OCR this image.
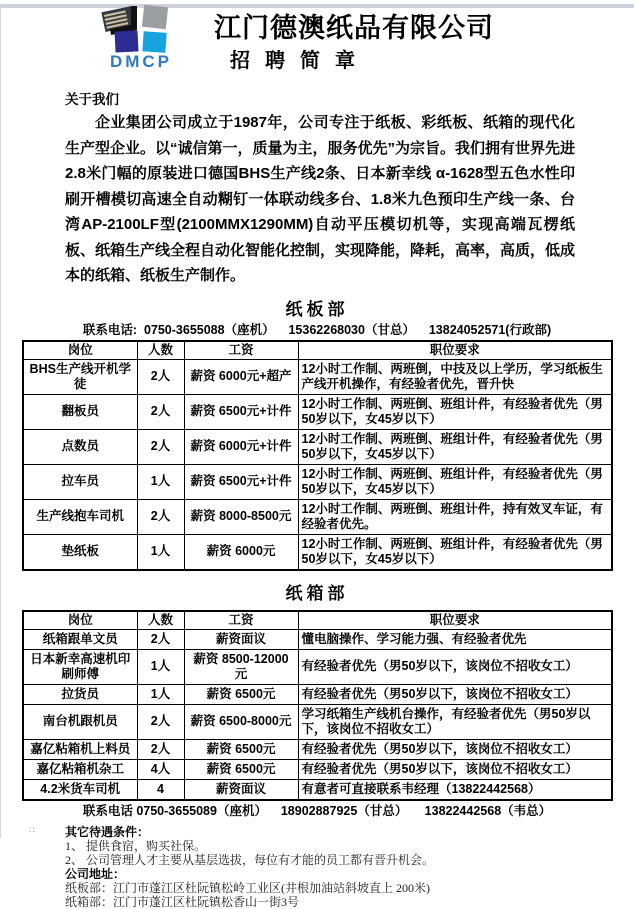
DMCP
江门德澳纸品有限公司
招聘简章
关于我们

企业集团公司成立于1987年，公司专注于纸板、彩纸板、纸箱的现代化生产型企业。以“诚信第一，质量为主，服务优先”为宗旨。我们拥有世界先进2.8米门幅的原装进口德国BHS生产线2条、日本新幸线 α-1628型五色水性印刷开槽模切高速全自动糊钉一体联动线多台、1.8米九色预印生产线一条、台湾AP-2100LF型(2100MMX1290MM)自动平压模切机等，实现高端瓦楞纸板、纸箱生产线全程自动化智能化控制，实现降能，降耗，高率，高质，低成本的纸箱、纸板生产制作。

纸板部
联系电话:  0750-3655088（座机）    15362268030（甘总）    13824052571(行政部)
岗位	人数	工资	职位要求
BHS生产线开机学徒	2人	薪资 6000元+超产	12小时工作制、两班倒，中技及以上学历，学习纸板生产线开机操作，有经验者优先，晋升快
翻板员	2人	薪资 6500元+计件	12小时工作制、两班倒、班组计件，有经验者优先（男50岁以下，女45岁以下）
点数员	2人	薪资 6000元+计件	12小时工作制、两班倒、班组计件，有经验者优先（男50岁以下，女45岁以下）
拉车员	1人	薪资 6500元+计件	12小时工作制、两班倒、班组计件，有经验者优先（男50岁以下，女45岁以下）
生产线抱车司机	2人	薪资 8000-8500元	12小时工作制、两班倒、班组计件，持有效叉车证，有经验者优先。
垫纸板	1人	薪资 6000元	12小时工作制、两班倒、班组计件，有经验者优先（男50岁以下，女45岁以下）
纸箱部
岗位	人数	工资	职位要求
纸箱跟单文员	2人	薪资面议	懂电脑操作、学习能力强、有经验者优先
日本新幸高速机印刷师傅	1人	薪资 8500-12000元	有经验者优先（男50岁以下，该岗位不招收女工）
拉货员	1人	薪资 6500元	有经验者优先（男50岁以下，该岗位不招收女工）
南台机跟机员	2人	薪资 6500-8000元	学习纸箱生产线机台操作，有经验者优先（男50岁以下，该岗位不招收女工）
嘉亿粘箱机上料员	2人	薪资 6500元	有经验者优先（男50岁以下，该岗位不招收女工）
嘉亿粘箱机杂工	4人	薪资 6500元	有经验者优先（男50岁以下，该岗位不招收女工）
4.2米货车司机	4	薪资面议	有意者可直接联系韦经理（13822442568）
联系电话 0750-3655089（座机）    18902887925（甘总）     13822442568（韦总）
其它待遇条件：
1、 提供食宿，购买社保。
2、 公司管理人才主要从基层选拔，每位有才能的员工都有晋升机会。
公司地址：
纸板部：江门市蓬江区杜阮镇松岭工业区(井根加油站斜坡直上 200米)
纸箱部：江门市蓬江区杜阮镇松香山一街3号
∷
